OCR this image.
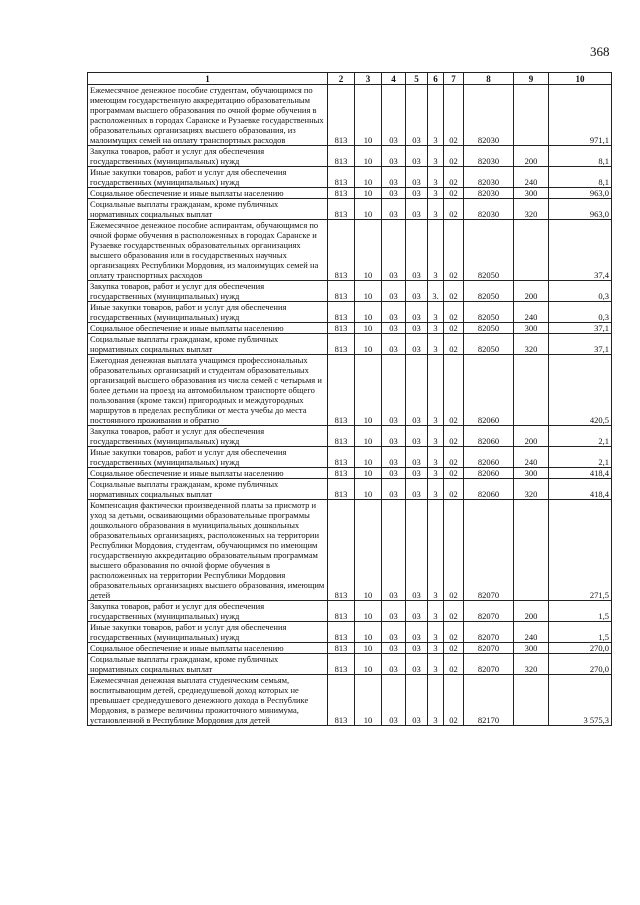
368
1	2	3	4	5	6	7	8	9	10
Ежемесячное денежное пособие студентам, обучающимся по имеющим государственную аккредитацию образовательным программам высшего образования по очной форме обучения в расположенных в городах Саранске и Рузаевке государственных образовательных организациях высшего образования, из малоимущих семей на оплату транспортных расходов	813	10	03	03	3	02	82030		971,1
Закупка товаров, работ и услуг для обеспечения государственных (муниципальных) нужд	813	10	03	03	3	02	82030	200	8,1
Иные закупки товаров, работ и услуг для обеспечения государственных (муниципальных) нужд	813	10	03	03	3	02	82030	240	8,1
Социальное обеспечение и иные выплаты населению	813	10	03	03	3	02	82030	300	963,0
Социальные выплаты гражданам, кроме публичных нормативных социальных выплат	813	10	03	03	3	02	82030	320	963,0
Ежемесячное денежное пособие аспирантам, обучающимся по очной форме обучения в расположенных в городах Саранске и Рузаевке государственных образовательных организациях высшего образования или в государственных научных организациях Республики Мордовия, из малоимущих семей на оплату транспортных расходов	813	10	03	03	3	02	82050		37,4
Закупка товаров, работ и услуг для обеспечения государственных (муниципальных) нужд	813	10	03	03	3.	02	82050	200	0,3
Иные закупки товаров, работ и услуг для обеспечения государственных (муниципальных) нужд	813	10	03	03	3	02	82050	240	0,3
Социальное обеспечение и иные выплаты населению	813	10	03	03	3	02	82050	300	37,1
Социальные выплаты гражданам, кроме публичных нормативных социальных выплат	813	10	03	03	3	02	82050	320	37,1
Ежегодная денежная выплата учащимся профессиональных образовательных организаций и студентам образовательных организаций высшего образования из числа семей с четырьмя и более детьми на проезд на автомобильном транспорте общего пользования (кроме такси) пригородных и междугородных маршрутов в пределах республики от места учебы до места постоянного проживания и обратно	813	10	03	03	3	02	82060		420,5
Закупка товаров, работ и услуг для обеспечения государственных (муниципальных) нужд	813	10	03	03	3	02	82060	200	2,1
Иные закупки товаров, работ и услуг для обеспечения государственных (муниципальных) нужд	813	10	03	03	3	02	82060	240	2,1
Социальное обеспечение и иные выплаты населению	813	10	03	03	3	02	82060	300	418,4
Социальные выплаты гражданам, кроме публичных нормативных социальных выплат	813	10	03	03	3	02	82060	320	418,4
Компенсация фактически произведенной платы за присмотр и уход за детьми, осваивающими образовательные программы дошкольного образования в муниципальных дошкольных образовательных организациях, расположенных на территории Республики Мордовия, студентам, обучающимся по имеющим государственную аккредитацию образовательным программам высшего образования по очной форме обучения в расположенных на территории Республики Мордовия образовательных организациях высшего образования, имеющим детей	813	10	03	03	3	02	82070		271,5
Закупка товаров, работ и услуг для обеспечения государственных (муниципальных) нужд	813	10	03	03	3	02	82070	200	1,5
Иные закупки товаров, работ и услуг для обеспечения государственных (муниципальных) нужд	813	10	03	03	3	02	82070	240	1,5
Социальное обеспечение и иные выплаты населению	813	10	03	03	3	02	82070	300	270,0
Социальные выплаты гражданам, кроме публичных нормативных социальных выплат	813	10	03	03	3	02	82070	320	270,0
Ежемесячная денежная выплата студенческим семьям, воспитывающим детей, среднедушевой доход которых не превышает среднедушевого денежного дохода в Республике Мордовия, в размере величины прожиточного минимума, установленной в Республике Мордовия для детей	813	10	03	03	3	02	82170		3 575,3
